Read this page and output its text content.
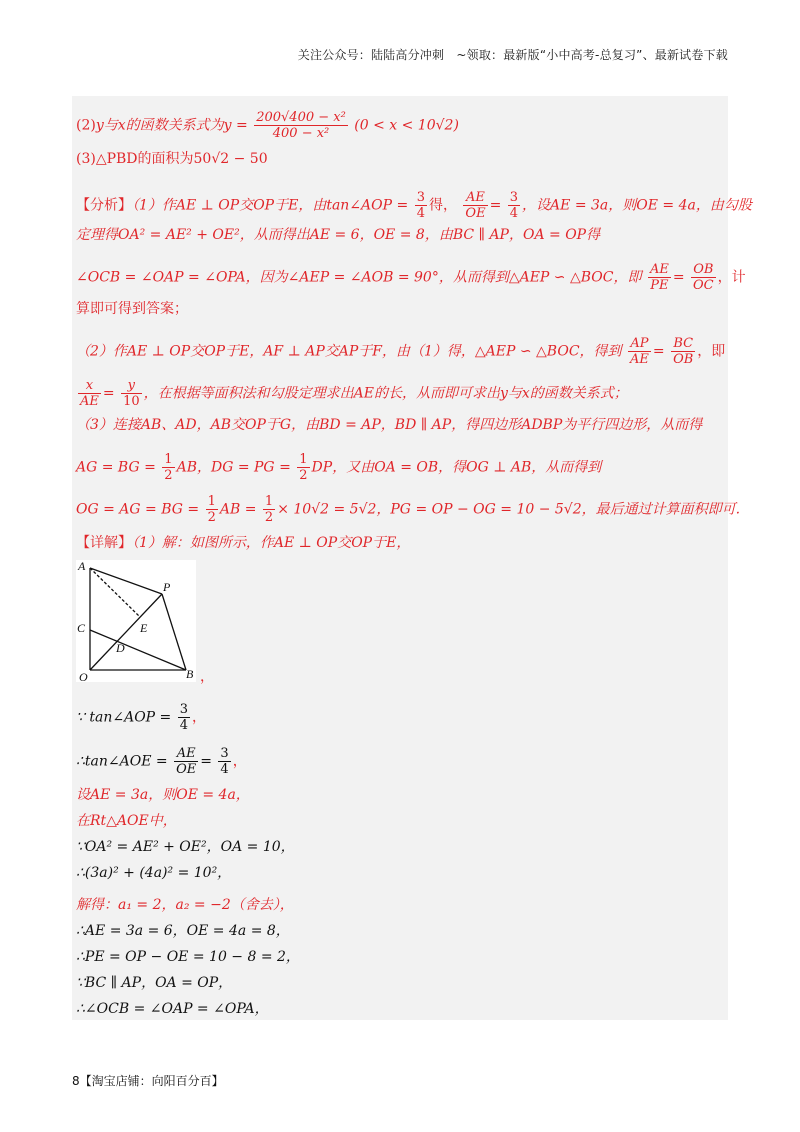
关注公众号：陆陆高分冲刺　~领取：最新版“小中高考-总复习”、最新试卷下载
(2)y与x的函数关系式为$y = \frac{\text{200√400 − x²}}{\text{400 − x²}} (0 < x < 10√2)$
(3)△PBD的面积为50√2 − 50
【分析】（1）作AE ⊥ OP交OP于E，由tan∠AOP = $\frac{3}{4}$ 得， $\frac{AE}{OE} = \frac{3}{4}$ ，设AE = 3a，则OE = 4a，由勾股
定理得OA² = AE² + OE²，从而得出AE = 6，OE = 8，由BC ∥ AP，OA = OP得
∠OCB = ∠OAP = ∠OPA，因为∠AEP = ∠AOB = 90°，从而得到△AEP ∽ △BOC，即 $\frac{AE}{PE} = \frac{OB}{OC}$ ，计
算即可得到答案；
（2）作AE ⊥ OP交OP于E，AF ⊥ AP交AP于F，由（1）得，△AEP ∽ △BOC，得到 $\frac{AP}{AE} = \frac{BC}{OB}$ ，即
$\frac{x}{AE} = \frac{y}{10}$ ，在根据等面积法和勾股定理求出AE的长，从而即可求出y与x的函数关系式；
（3）连接AB、AD，AB交OP于G，由BD = AP，BD ∥ AP，得四边形ADBP为平行四边形，从而得
AG = BG = $\frac{1}{2}$ AB，DG = PG = $\frac{1}{2}$ DP，又由OA = OB，得OG ⊥ AB，从而得到
OG = AG = BG = $\frac{1}{2}$ AB = $\frac{1}{2} \times 10√2 = 5√2$，PG = OP − OG = 10 − 5√2，最后通过计算面积即可.
【详解】（1）解：如图所示，作AE ⊥ OP交OP于E，
A
P
E
C
D
O	B ，
∵ tan∠AOP = $\frac{3}{4}$ ，
∴tan∠AOE = $\frac{AE}{OE} = \frac{3}{4}$ ，
设AE = 3a，则OE = 4a，
在Rt△AOE中，
∵OA² = AE² + OE²，OA = 10，
∴(3a)² + (4a)² = 10²，
解得：a₁ = 2，a₂ = −2（舍去），
∴AE = 3a = 6，OE = 4a = 8，
∴PE = OP − OE = 10 − 8 = 2，
∵BC ∥ AP，OA = OP，
∴∠OCB = ∠OAP = ∠OPA，
8【淘宝店铺：向阳百分百】
